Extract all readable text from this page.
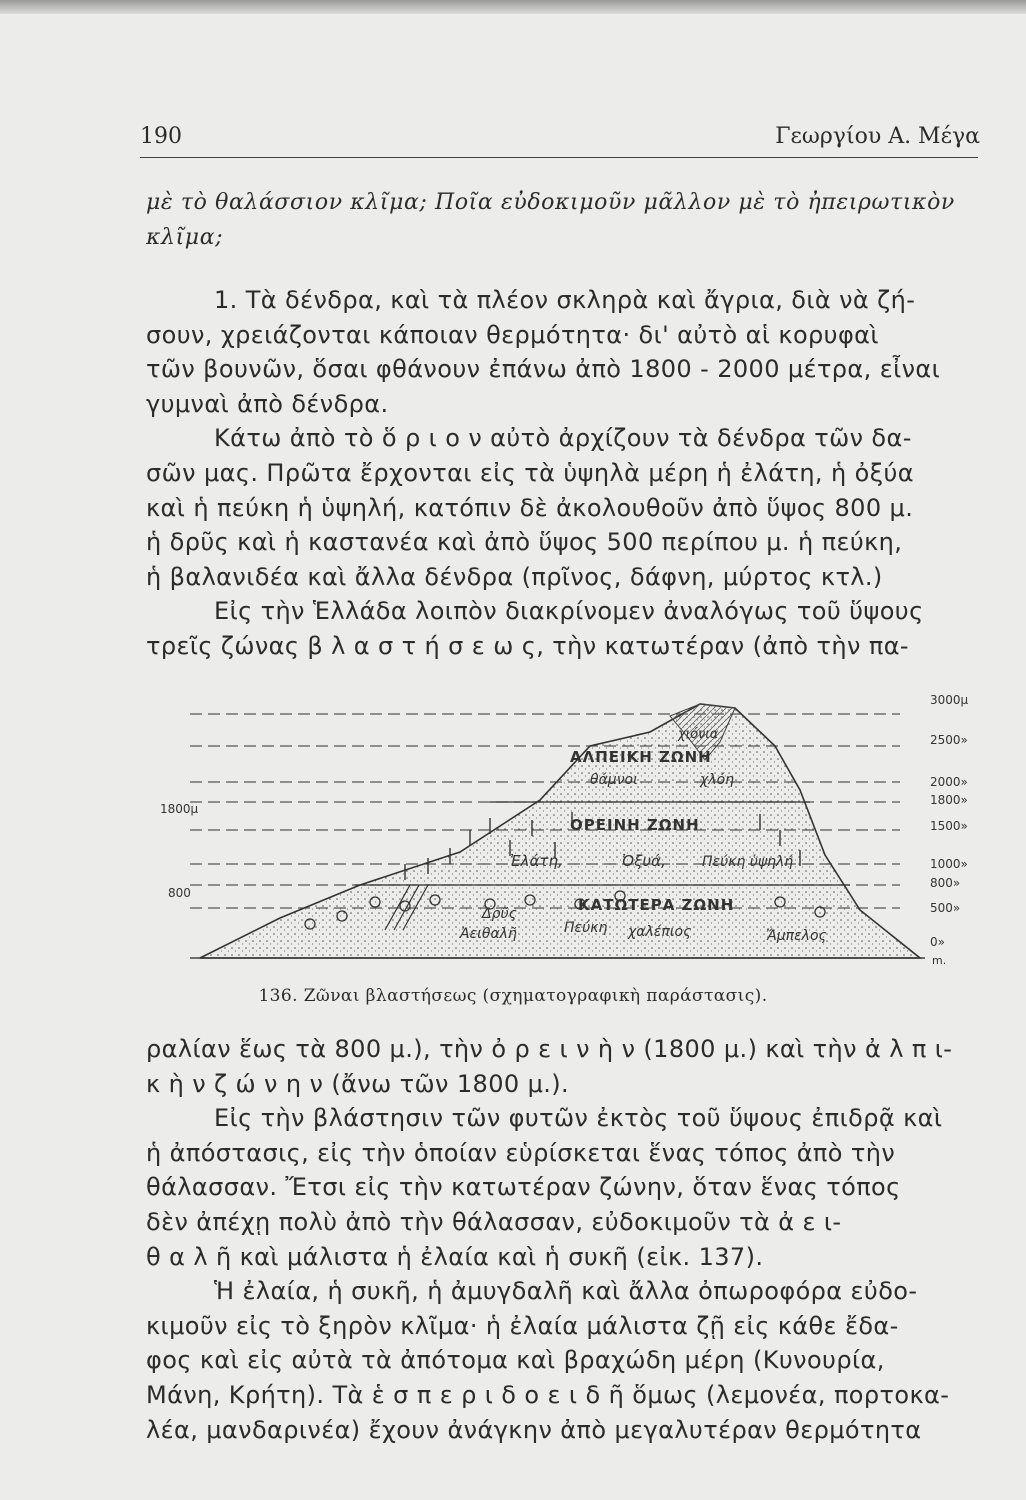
190	Γεωργίου Α. Μέγα
μὲ τὸ θαλάσσιον κλῖμα; Ποῖα εὐδοκιμοῦν μᾶλλον μὲ τὸ ἠπειρωτικὸν
κλῖμα;
1. Τὰ δένδρα, καὶ τὰ πλέον σκληρὰ καὶ ἄγρια, διὰ νὰ ζή-
σουν, χρειάζονται κάποιαν θερμότητα· δι' αὐτὸ αἱ κορυφαὶ
τῶν βουνῶν, ὅσαι φθάνουν ἐπάνω ἀπὸ 1800 - 2000 μέτρα, εἶναι
γυμναὶ ἀπὸ δένδρα.
Κάτω ἀπὸ τὸ ὅ ρ ι ο ν αὐτὸ ἀρχίζουν τὰ δένδρα τῶν δα-
σῶν μας. Πρῶτα ἔρχονται εἰς τὰ ὑψηλὰ μέρη ἡ ἐλάτη, ἡ ὀξύα
καὶ ἡ πεύκη ἡ ὑψηλή, κατόπιν δὲ ἀκολουθοῦν ἀπὸ ὕψος 800 μ.
ἡ δρῦς καὶ ἡ καστανέα καὶ ἀπὸ ὕψος 500 περίπου μ. ἡ πεύκη,
ἡ βαλανιδέα καὶ ἄλλα δένδρα (πρῖνος, δάφνη, μύρτος κτλ.)
Εἰς τὴν Ἑλλάδα λοιπὸν διακρίνομεν ἀναλόγως τοῦ ὕψους
τρεῖς ζώνας β λ α σ τ ή σ ε ω ς, τὴν κατωτέραν (ἀπὸ τὴν πα-
3000μ
2500»
2000»
1800»
1500»
1000»
800»
500»
0»
m.
1800μ
800
χιόνια
ΑΛΠΕΙΚΗ ΖΩΝΗ
θάμνοι	χλόη
ΟΡΕΙΝΗ ΖΩΝΗ
Ἐλάτη,	Ὀξυά,	Πεύκη ὑψηλή
ΚΑΤΩΤΕΡΑ ΖΩΝΗ
Δρῦς
Ἀειθαλῆ	Πεύκη χαλέπιος	Ἄμπελος
136. Ζῶναι βλαστήσεως (σχηματογραφικὴ παράστασις).
ραλίαν ἕως τὰ 800 μ.), τὴν ὀ ρ ε ι ν ὴ ν (1800 μ.) καὶ τὴν ἀ λ π ι-
κ ὴ ν ζ ώ ν η ν (ἄνω τῶν 1800 μ.).
Εἰς τὴν βλάστησιν τῶν φυτῶν ἐκτὸς τοῦ ὕψους ἐπιδρᾷ καὶ
ἡ ἀπόστασις, εἰς τὴν ὁποίαν εὑρίσκεται ἕνας τόπος ἀπὸ τὴν
θάλασσαν. Ἔτσι εἰς τὴν κατωτέραν ζώνην, ὅταν ἕνας τόπος
δὲν ἀπέχῃ πολὺ ἀπὸ τὴν θάλασσαν, εὐδοκιμοῦν τὰ ἀ ε ι-
θ α λ ῆ καὶ μάλιστα ἡ ἐλαία καὶ ἡ συκῆ (εἰκ. 137).
Ἡ ἐλαία, ἡ συκῆ, ἡ ἀμυγδαλῆ καὶ ἄλλα ὀπωροφόρα εὐδο-
κιμοῦν εἰς τὸ ξηρὸν κλῖμα· ἡ ἐλαία μάλιστα ζῇ εἰς κάθε ἔδα-
φος καὶ εἰς αὐτὰ τὰ ἀπότομα καὶ βραχώδη μέρη (Κυνουρία,
Μάνη, Κρήτη). Τὰ ἑ σ π ε ρ ι δ ο ε ι δ ῆ ὅμως (λεμονέα, πορτοκα-
λέα, μανδαρινέα) ἔχουν ἀνάγκην ἀπὸ μεγαλυτέραν θερμότητα
